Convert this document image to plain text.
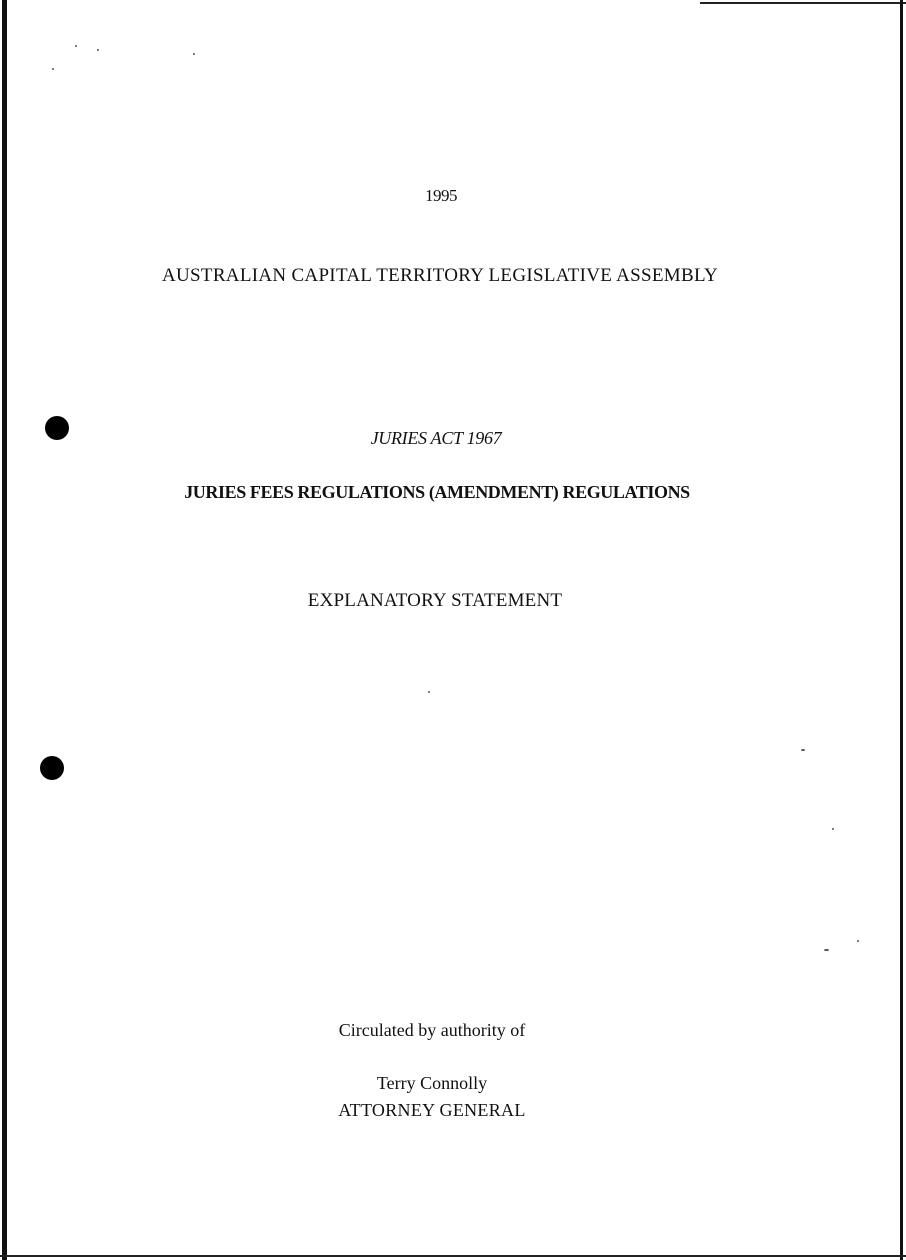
1995
AUSTRALIAN CAPITAL TERRITORY LEGISLATIVE ASSEMBLY
JURIES ACT 1967
JURIES FEES REGULATIONS (AMENDMENT) REGULATIONS
EXPLANATORY STATEMENT
Circulated by authority of
Terry Connolly
ATTORNEY GENERAL
